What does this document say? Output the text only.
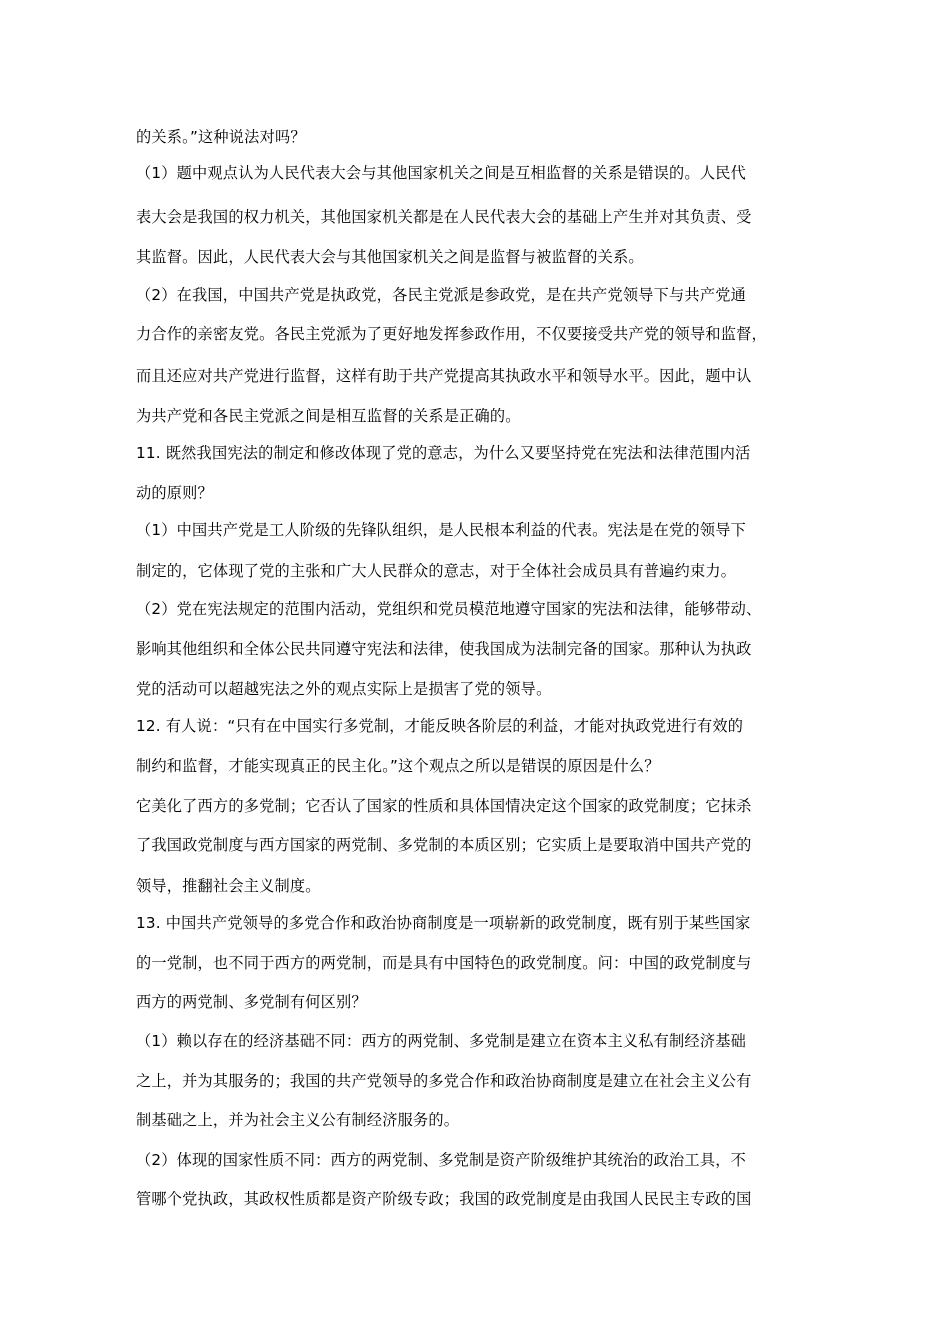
的关系。”这种说法对吗？
（1）题中观点认为人民代表大会与其他国家机关之间是互相监督的关系是错误的。人民代
表大会是我国的权力机关，其他国家机关都是在人民代表大会的基础上产生并对其负责、受
其监督。因此，人民代表大会与其他国家机关之间是监督与被监督的关系。
（2）在我国，中国共产党是执政党，各民主党派是参政党，是在共产党领导下与共产党通
力合作的亲密友党。各民主党派为了更好地发挥参政作用，不仅要接受共产党的领导和监督，
而且还应对共产党进行监督，这样有助于共产党提高其执政水平和领导水平。因此，题中认
为共产党和各民主党派之间是相互监督的关系是正确的。
11. 既然我国宪法的制定和修改体现了党的意志，为什么又要坚持党在宪法和法律范围内活
动的原则？
（1）中国共产党是工人阶级的先锋队组织，是人民根本利益的代表。宪法是在党的领导下
制定的，它体现了党的主张和广大人民群众的意志，对于全体社会成员具有普遍约束力。
（2）党在宪法规定的范围内活动，党组织和党员模范地遵守国家的宪法和法律，能够带动、
影响其他组织和全体公民共同遵守宪法和法律，使我国成为法制完备的国家。那种认为执政
党的活动可以超越宪法之外的观点实际上是损害了党的领导。
12. 有人说：“只有在中国实行多党制，才能反映各阶层的利益，才能对执政党进行有效的
制约和监督，才能实现真正的民主化。”这个观点之所以是错误的原因是什么？
它美化了西方的多党制；它否认了国家的性质和具体国情决定这个国家的政党制度；它抹杀
了我国政党制度与西方国家的两党制、多党制的本质区别；它实质上是要取消中国共产党的
领导，推翻社会主义制度。
13. 中国共产党领导的多党合作和政治协商制度是一项崭新的政党制度，既有别于某些国家
的一党制，也不同于西方的两党制，而是具有中国特色的政党制度。问：中国的政党制度与
西方的两党制、多党制有何区别？
（1）赖以存在的经济基础不同：西方的两党制、多党制是建立在资本主义私有制经济基础
之上，并为其服务的；我国的共产党领导的多党合作和政治协商制度是建立在社会主义公有
制基础之上，并为社会主义公有制经济服务的。
（2）体现的国家性质不同：西方的两党制、多党制是资产阶级维护其统治的政治工具，不
管哪个党执政，其政权性质都是资产阶级专政；我国的政党制度是由我国人民民主专政的国
